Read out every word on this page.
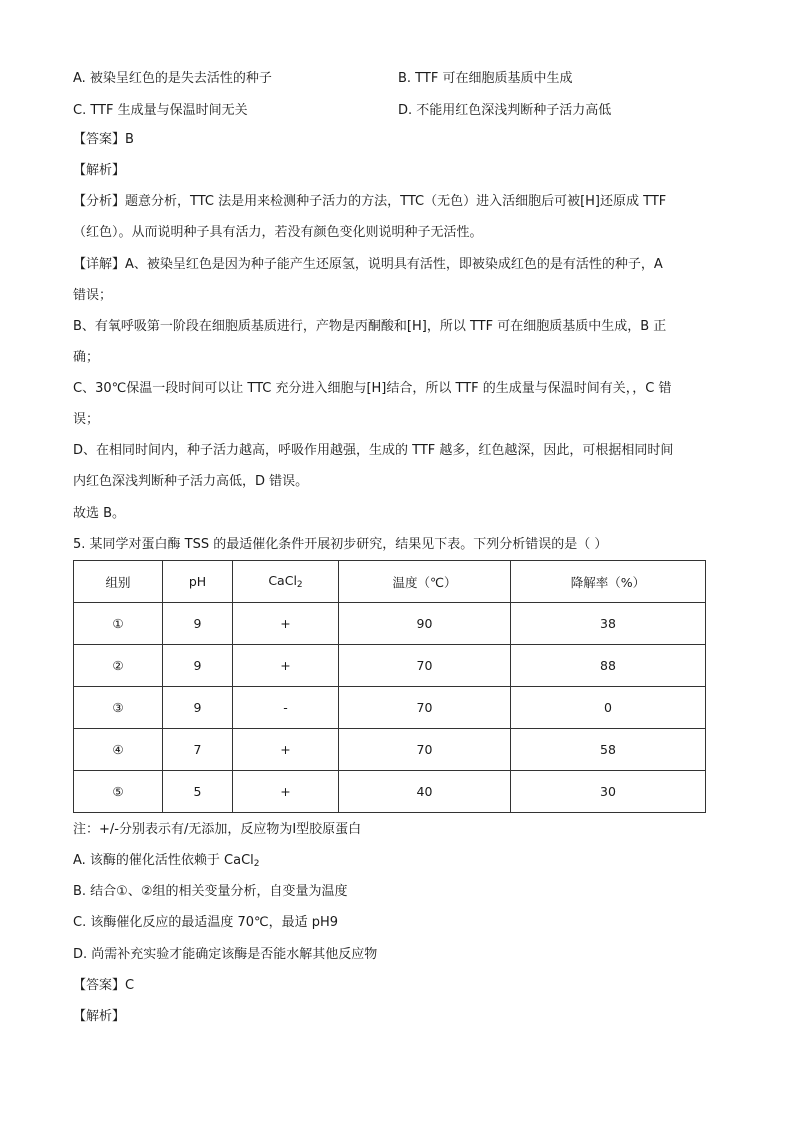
A. 被染呈红色的是失去活性的种子	B. TTF 可在细胞质基质中生成
C. TTF 生成量与保温时间无关	D. 不能用红色深浅判断种子活力高低
【答案】B
【解析】
【分析】题意分析，TTC 法是用来检测种子活力的方法，TTC（无色）进入活细胞后可被[H]还原成 TTF
（红色）。从而说明种子具有活力，若没有颜色变化则说明种子无活性。
【详解】A、被染呈红色是因为种子能产生还原氢，说明具有活性，即被染成红色的是有活性的种子，A
错误；
B、有氧呼吸第一阶段在细胞质基质进行，产物是丙酮酸和[H]，所以 TTF 可在细胞质基质中生成，B 正
确；
C、30℃保温一段时间可以让 TTC 充分进入细胞与[H]结合，所以 TTF 的生成量与保温时间有关，，C 错
误；
D、在相同时间内，种子活力越高，呼吸作用越强，生成的 TTF 越多，红色越深，因此，可根据相同时间
内红色深浅判断种子活力高低，D 错误。
故选 B。
5. 某同学对蛋白酶 TSS 的最适催化条件开展初步研究，结果见下表。下列分析错误的是（ ）
组别	pH	CaCl$_2$	温度（℃）	降解率（%）
①	9	+	90	38
②	9	+	70	88
③	9	-	70	0
④	7	+	70	58
⑤	5	+	40	30
注：+/-分别表示有/无添加，反应物为Ⅰ型胶原蛋白
A. 该酶的催化活性依赖于 CaCl$_2$
B. 结合①、②组的相关变量分析，自变量为温度
C. 该酶催化反应的最适温度 70℃，最适 pH9
D. 尚需补充实验才能确定该酶是否能水解其他反应物
【答案】C
【解析】
